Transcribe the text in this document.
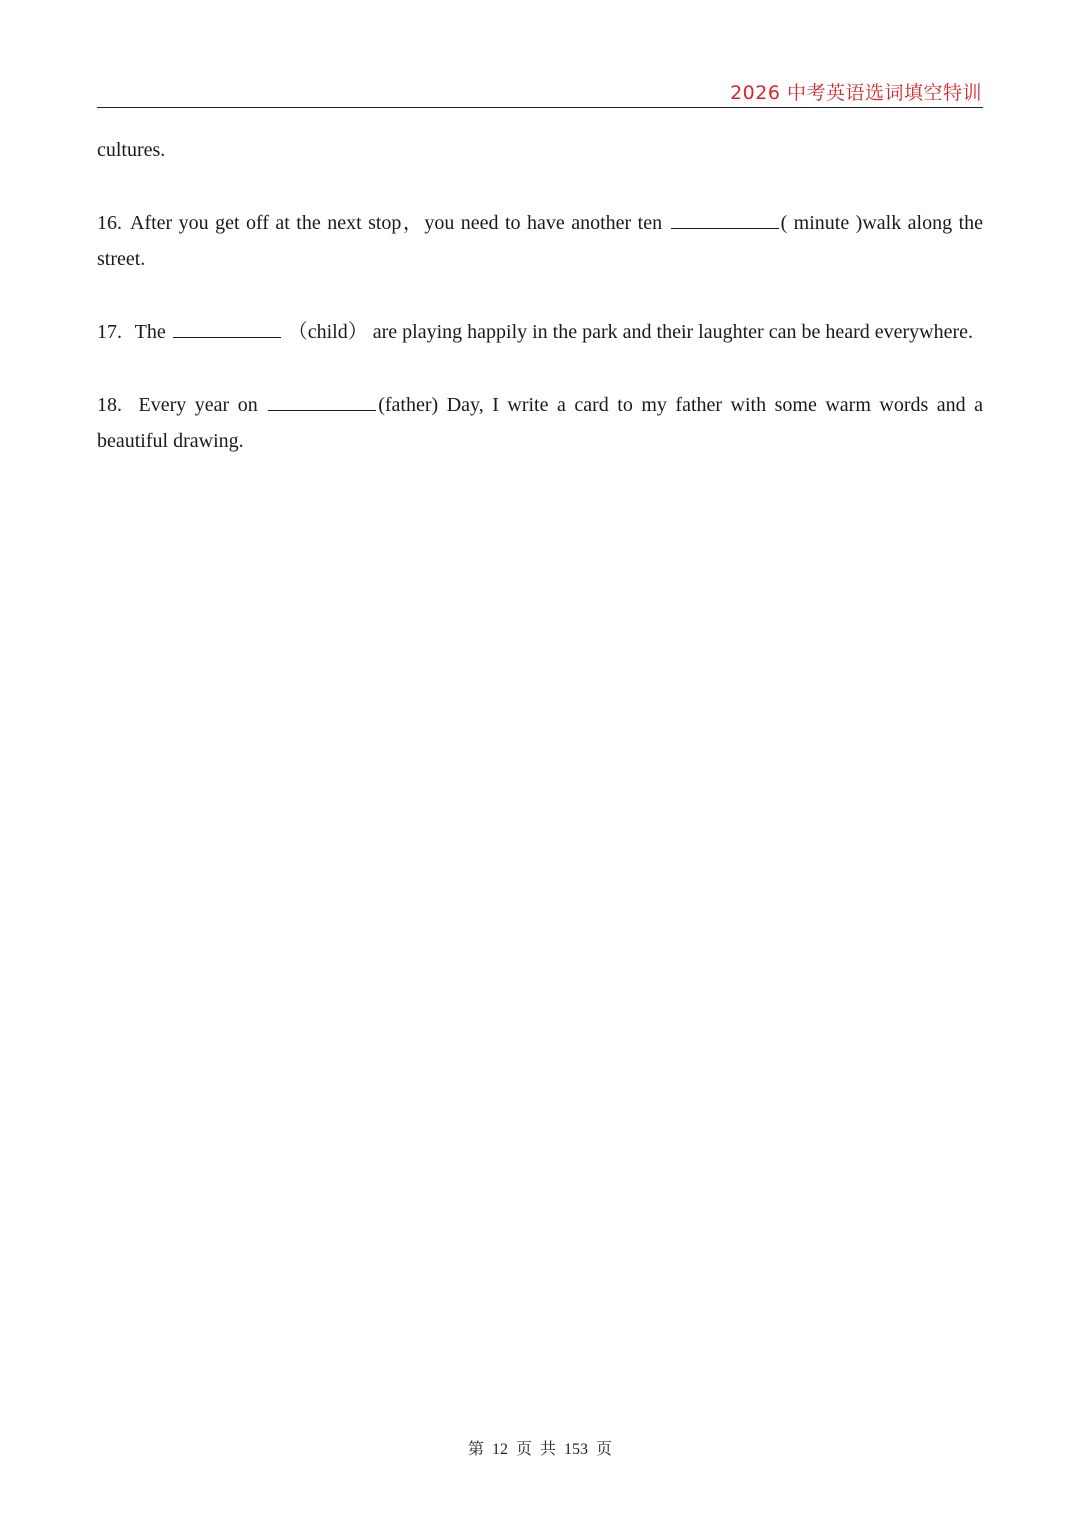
2026 中考英语选词填空特训

cultures.

16. After you get off at the next stop，you need to have another ten	( minute )walk along the street.

17. The	（child） are playing happily in the park and their laughter can be heard everywhere.

18. Every year on	(father) Day, I write a card to my father with some warm words and a beautiful drawing.

第 12 页 共 153 页
